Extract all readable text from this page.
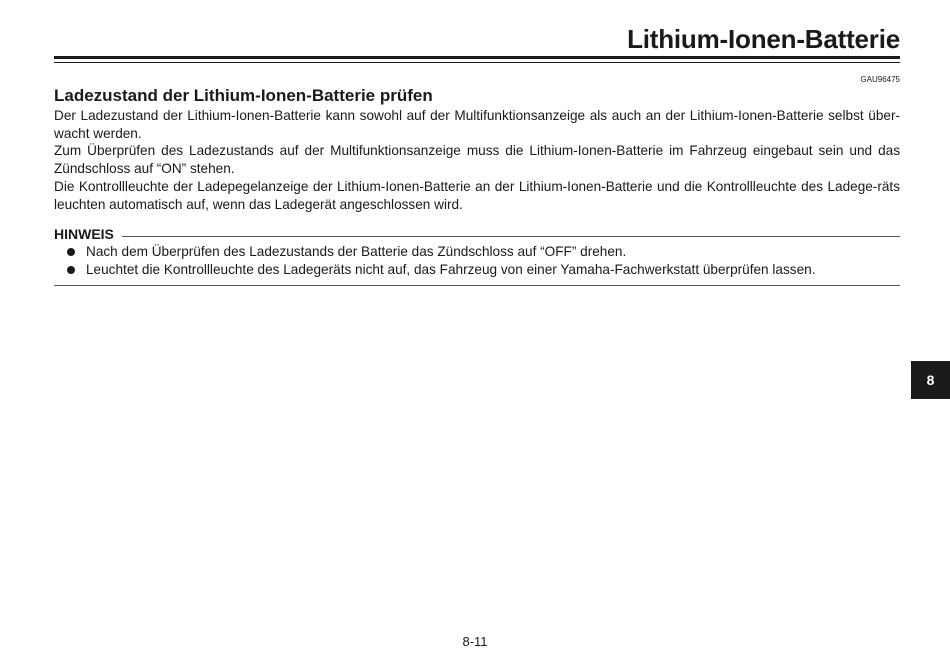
Lithium-Ionen-Batterie
GAU96475
Ladezustand der Lithium-Ionen-Batterie prüfen

Der Ladezustand der Lithium-Ionen-Batterie kann sowohl auf der Multifunktionsanzeige als auch an der Lithium-Ionen-Batterie selbst über-wacht werden.

Zum Überprüfen des Ladezustands auf der Multifunktionsanzeige muss die Lithium-Ionen-Batterie im Fahrzeug eingebaut sein und das Zündschloss auf “ON” stehen.

Die Kontrollleuchte der Ladepegelanzeige der Lithium-Ionen-Batterie an der Lithium-Ionen-Batterie und die Kontrollleuchte des Ladege-räts leuchten automatisch auf, wenn das Ladegerät angeschlossen wird.

HINWEIS
Nach dem Überprüfen des Ladezustands der Batterie das Zündschloss auf “OFF” drehen.
Leuchtet die Kontrollleuchte des Ladegeräts nicht auf, das Fahrzeug von einer Yamaha-Fachwerkstatt überprüfen lassen.
8
8-11
